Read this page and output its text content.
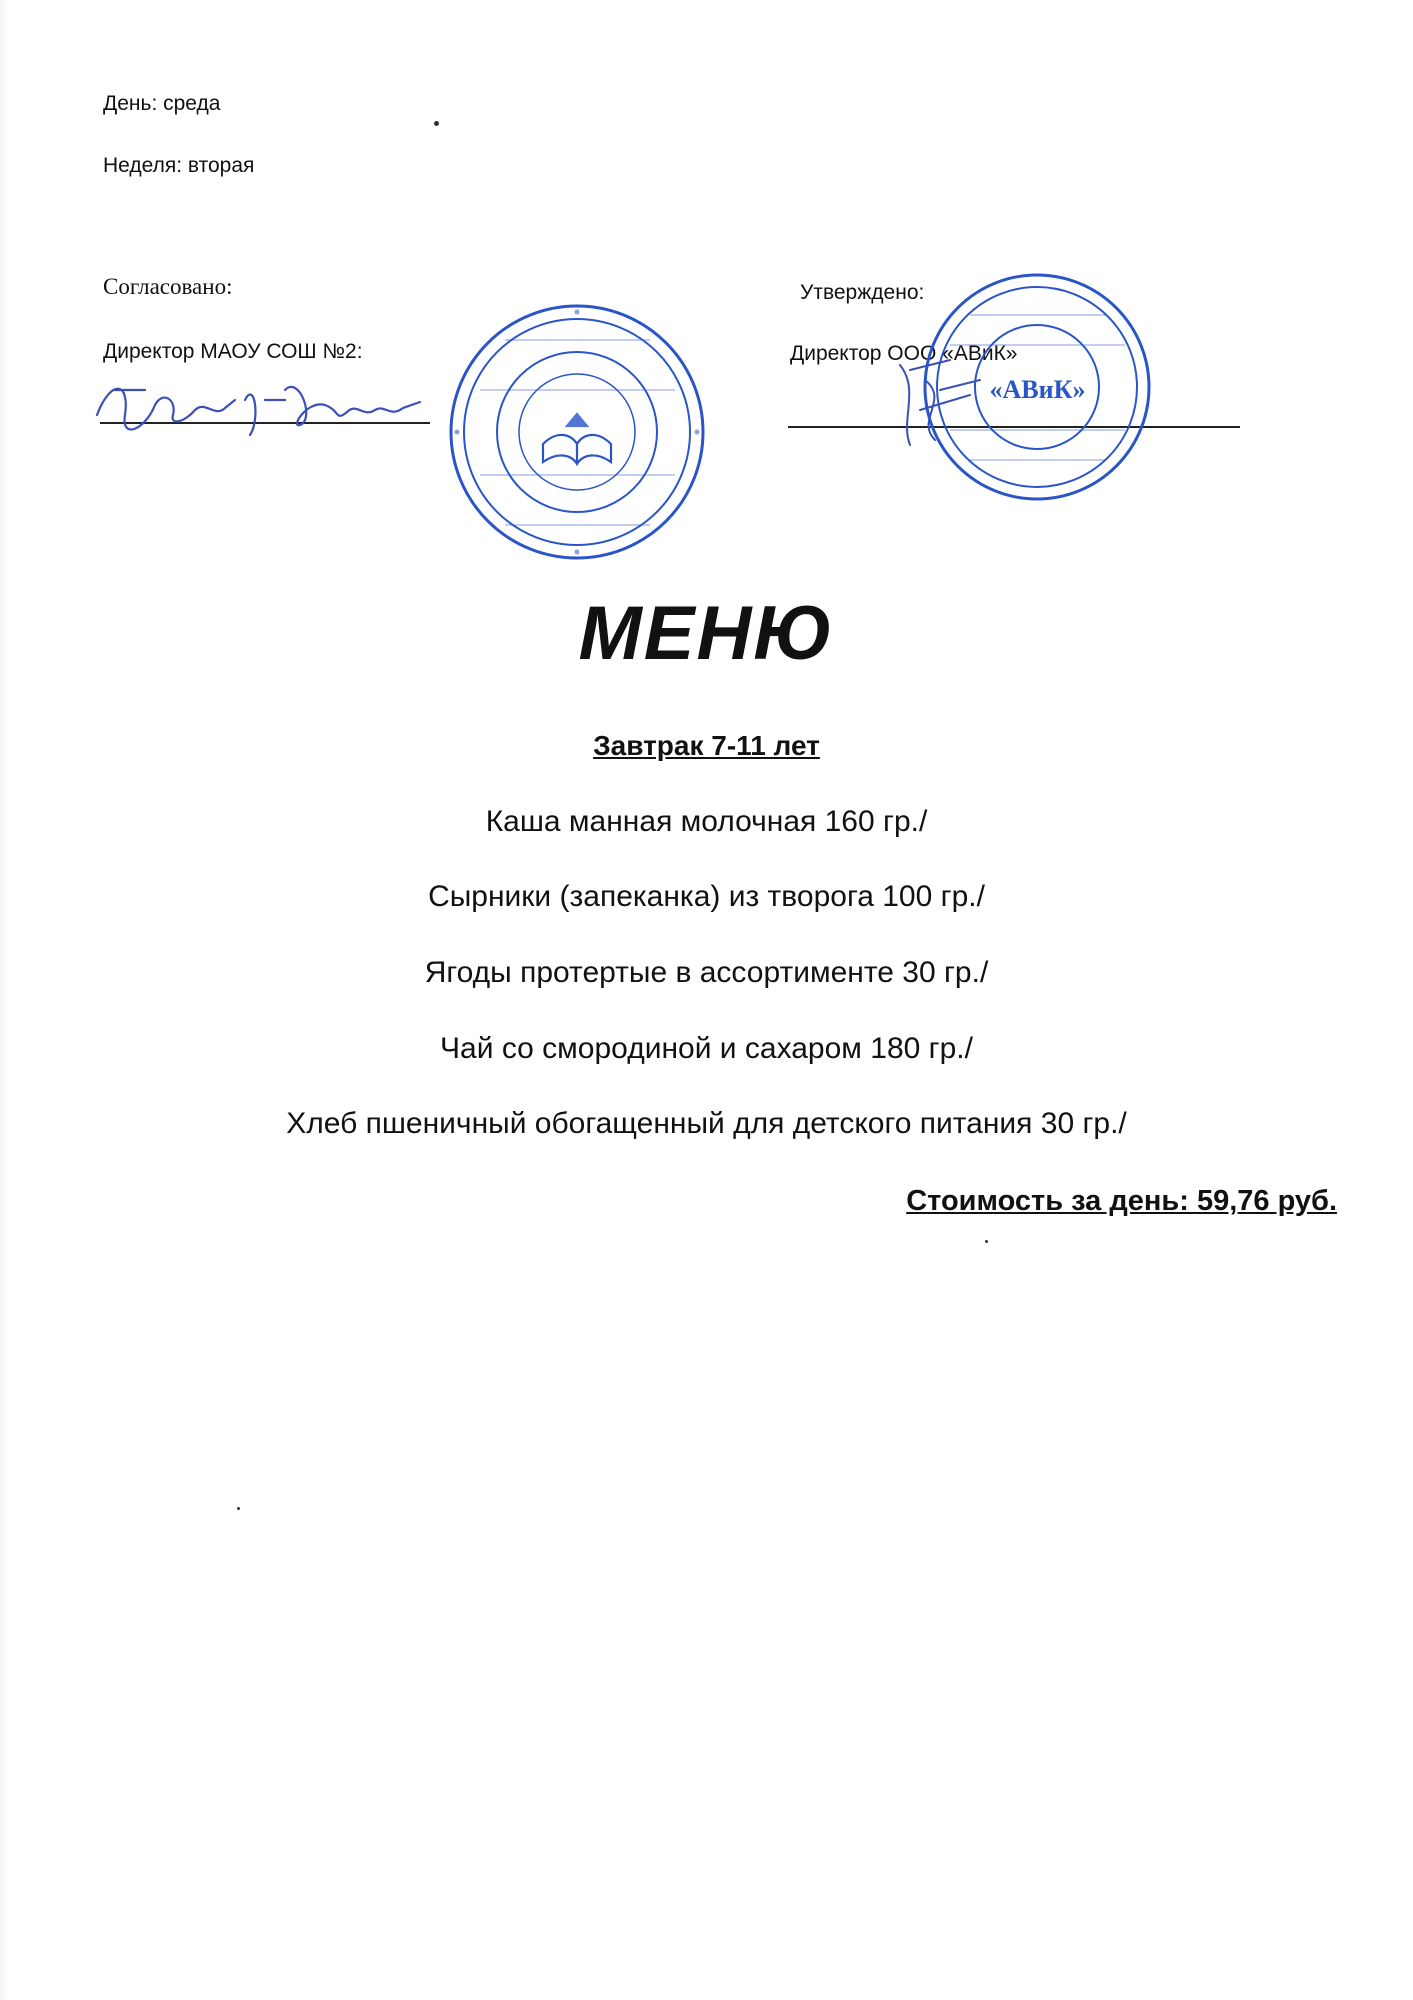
День: среда
Неделя: вторая
Согласовано:
Директор МАОУ СОШ №2:
Утверждено:
Директор ООО «АВиК»
«АВиК»
МЕНЮ
Завтрак 7-11 лет
Каша манная молочная 160 гр./
Сырники (запеканка) из творога 100 гр./
Ягоды протертые в ассортименте 30 гр./
Чай со смородиной и сахаром 180 гр./
Хлеб пшеничный обогащенный для детского питания 30 гр./
Стоимость за день: 59,76 руб.
